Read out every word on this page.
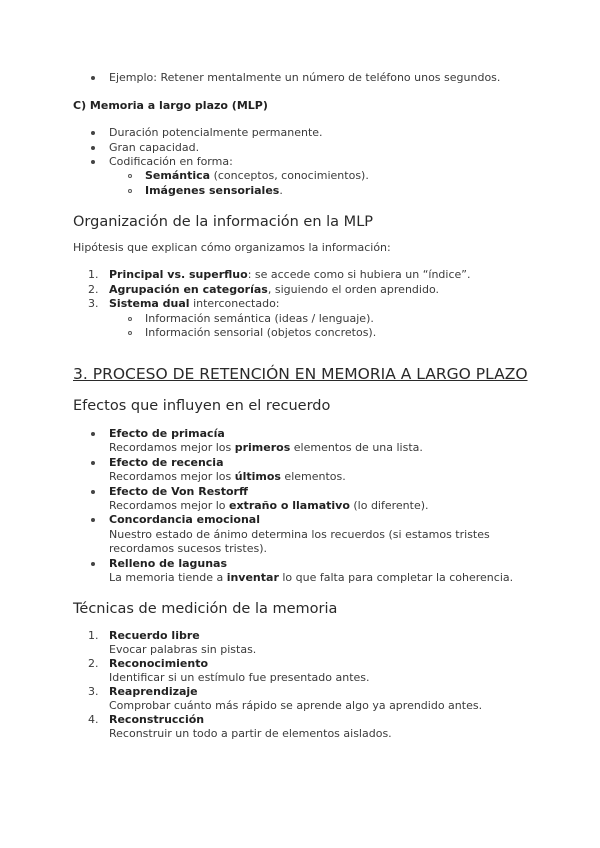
Ejemplo: Retener mentalmente un número de teléfono unos segundos.
C) Memoria a largo plazo (MLP)
Duración potencialmente permanente.
Gran capacidad.
Codificación en forma:
Semántica (conceptos, conocimientos).
Imágenes sensoriales.
Organización de la información en la MLP
Hipótesis que explican cómo organizamos la información:
1. Principal vs. superfluo: se accede como si hubiera un “índice”.
2. Agrupación en categorías, siguiendo el orden aprendido.
3. Sistema dual interconectado:
Información semántica (ideas / lenguaje).
Información sensorial (objetos concretos).
3. PROCESO DE RETENCIÓN EN MEMORIA A LARGO PLAZO
Efectos que influyen en el recuerdo
Efecto de primacía
Recordamos mejor los primeros elementos de una lista.
Efecto de recencia
Recordamos mejor los últimos elementos.
Efecto de Von Restorff
Recordamos mejor lo extraño o llamativo (lo diferente).
Concordancia emocional
Nuestro estado de ánimo determina los recuerdos (si estamos tristes
recordamos sucesos tristes).
Relleno de lagunas
La memoria tiende a inventar lo que falta para completar la coherencia.
Técnicas de medición de la memoria
1. Recuerdo libre
Evocar palabras sin pistas.
2. Reconocimiento
Identificar si un estímulo fue presentado antes.
3. Reaprendizaje
Comprobar cuánto más rápido se aprende algo ya aprendido antes.
4. Reconstrucción
Reconstruir un todo a partir de elementos aislados.
